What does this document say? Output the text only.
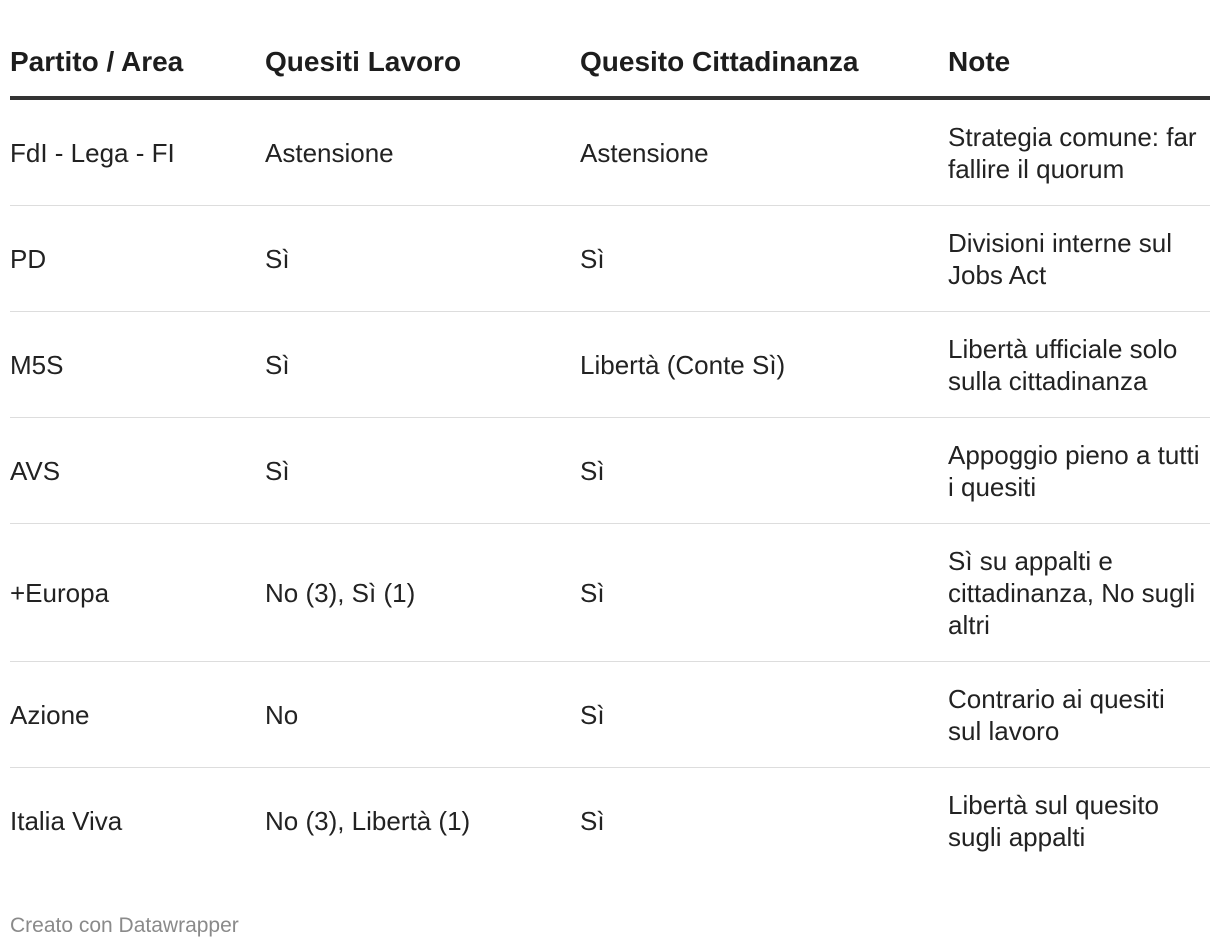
Partito / Area	Quesiti Lavoro	Quesito Cittadinanza	Note
FdI - Lega - FI	Astensione	Astensione	Strategia comune: far fallire il quorum

PD	Sì	Sì	Divisioni interne sul Jobs Act

M5S	Sì	Libertà (Conte Sì)	Libertà ufficiale solo sulla cittadinanza

AVS	Sì	Sì	Appoggio pieno a tutti i quesiti

+Europa	No (3), Sì (1)	Sì	Sì su appalti e cittadinanza, No sugli altri

Azione	No	Sì	Contrario ai quesiti sul lavoro

Italia Viva	No (3), Libertà (1)	Sì	Libertà sul quesito sugli appalti
Creato con Datawrapper
